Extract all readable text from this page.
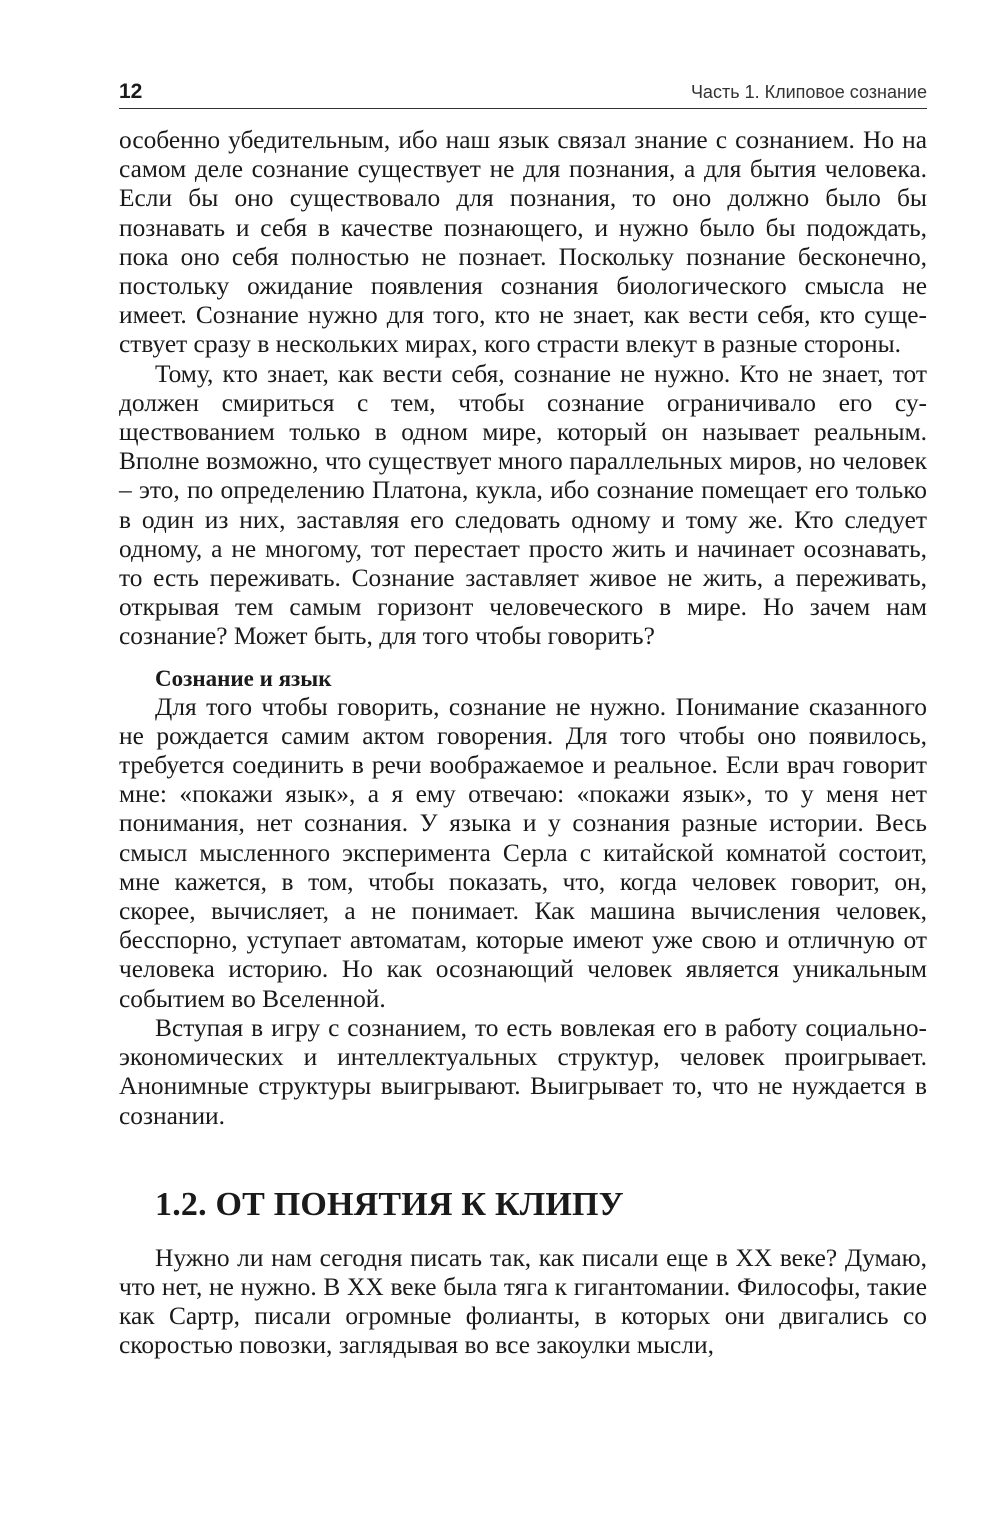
12	Часть 1. Клиповое сознание

особенно убедительным, ибо наш язык связал знание с сознанием. Но на самом деле сознание существует не для познания, а для бытия человека. Если бы оно существовало для познания, то оно должно было бы познавать и себя в качестве познающего, и нужно было бы подождать, пока оно себя полностью не познает. Поскольку познание бесконечно, постольку ожидание появления сознания биологического смысла не имеет. Сознание нужно для того, кто не знает, как вести себя, кто существует сразу в нескольких мирах, кого страсти влекут в разные стороны.

Тому, кто знает, как вести себя, сознание не нужно. Кто не знает, тот должен смириться с тем, чтобы сознание ограничивало его существованием только в одном мире, который он называет реальным. Вполне возможно, что существует много параллельных миров, но человек – это, по определению Платона, кукла, ибо сознание помещает его только в один из них, заставляя его следовать одному и тому же. Кто следует одному, а не многому, тот перестает просто жить и начинает осознавать, то есть переживать. Сознание заставляет живое не жить, а переживать, открывая тем самым горизонт человеческого в мире. Но зачем нам сознание? Может быть, для того чтобы говорить?

Сознание и язык

Для того чтобы говорить, сознание не нужно. Понимание сказанного не рождается самим актом говорения. Для того чтобы оно появилось, требуется соединить в речи воображаемое и реальное. Если врач говорит мне: «покажи язык», а я ему отвечаю: «покажи язык», то у меня нет понимания, нет сознания. У языка и у сознания разные истории. Весь смысл мысленного эксперимента Серла с китайской комнатой состоит, мне кажется, в том, чтобы показать, что, когда человек говорит, он, скорее, вычисляет, а не понимает. Как машина вычисления человек, бесспорно, уступает автоматам, которые имеют уже свою и отличную от человека историю. Но как осознающий человек является уникальным событием во Вселенной.

Вступая в игру с сознанием, то есть вовлекая его в работу социально-экономических и интеллектуальных структур, человек проигрывает. Анонимные структуры выигрывают. Выигрывает то, что не нуждается в сознании.

1.2. ОТ ПОНЯТИЯ К КЛИПУ

Нужно ли нам сегодня писать так, как писали еще в XX веке? Думаю, что нет, не нужно. В XX веке была тяга к гигантомании. Философы, такие как Сартр, писали огромные фолианты, в которых они двигались со скоростью повозки, заглядывая во все закоулки мысли,
